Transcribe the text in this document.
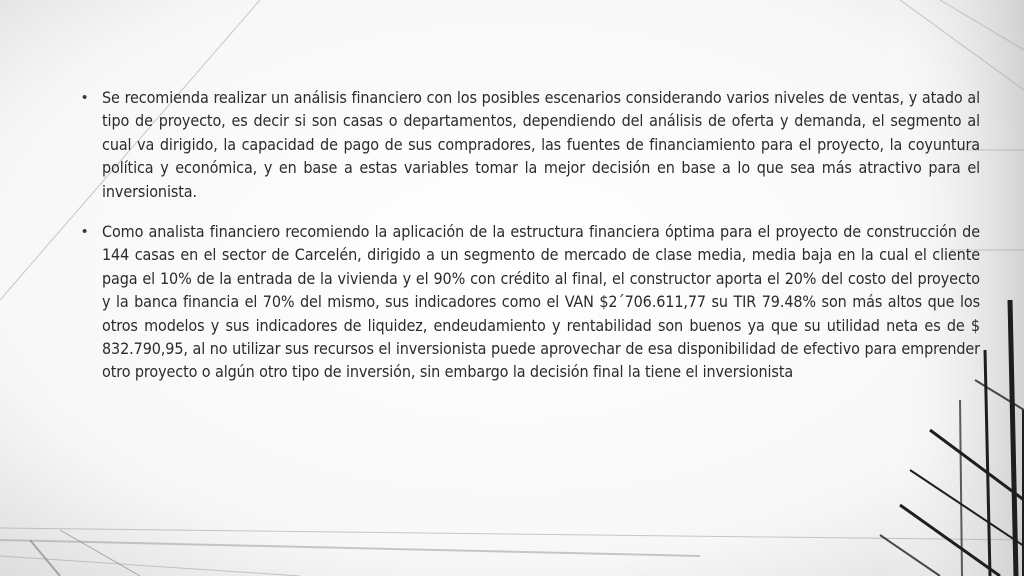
• Se recomienda realizar un análisis financiero con los posibles escenarios considerando varios niveles de ventas, y atado al tipo de proyecto, es decir si son casas o departamentos, dependiendo del análisis de oferta y demanda, el segmento al cual va dirigido, la capacidad de pago de sus compradores, las fuentes de financiamiento para el proyecto, la coyuntura política y económica, y en base a estas variables tomar la mejor decisión en base a lo que sea más atractivo para el inversionista.

• Como analista financiero recomiendo la aplicación de la estructura financiera óptima para el proyecto de construcción de 144 casas en el sector de Carcelén, dirigido a un segmento de mercado de clase media, media baja en la cual el cliente paga el 10% de la entrada de la vivienda y el 90% con crédito al final, el constructor aporta el 20% del costo del proyecto y la banca financia el 70% del mismo, sus indicadores como el VAN $2´706.611,77 su TIR 79.48% son más altos que los otros modelos y sus indicadores de liquidez, endeudamiento y rentabilidad son buenos ya que su utilidad neta es de $ 832.790,95, al no utilizar sus recursos el inversionista puede aprovechar de esa disponibilidad de efectivo para emprender otro proyecto o algún otro tipo de inversión, sin embargo la decisión final la tiene el inversionista
